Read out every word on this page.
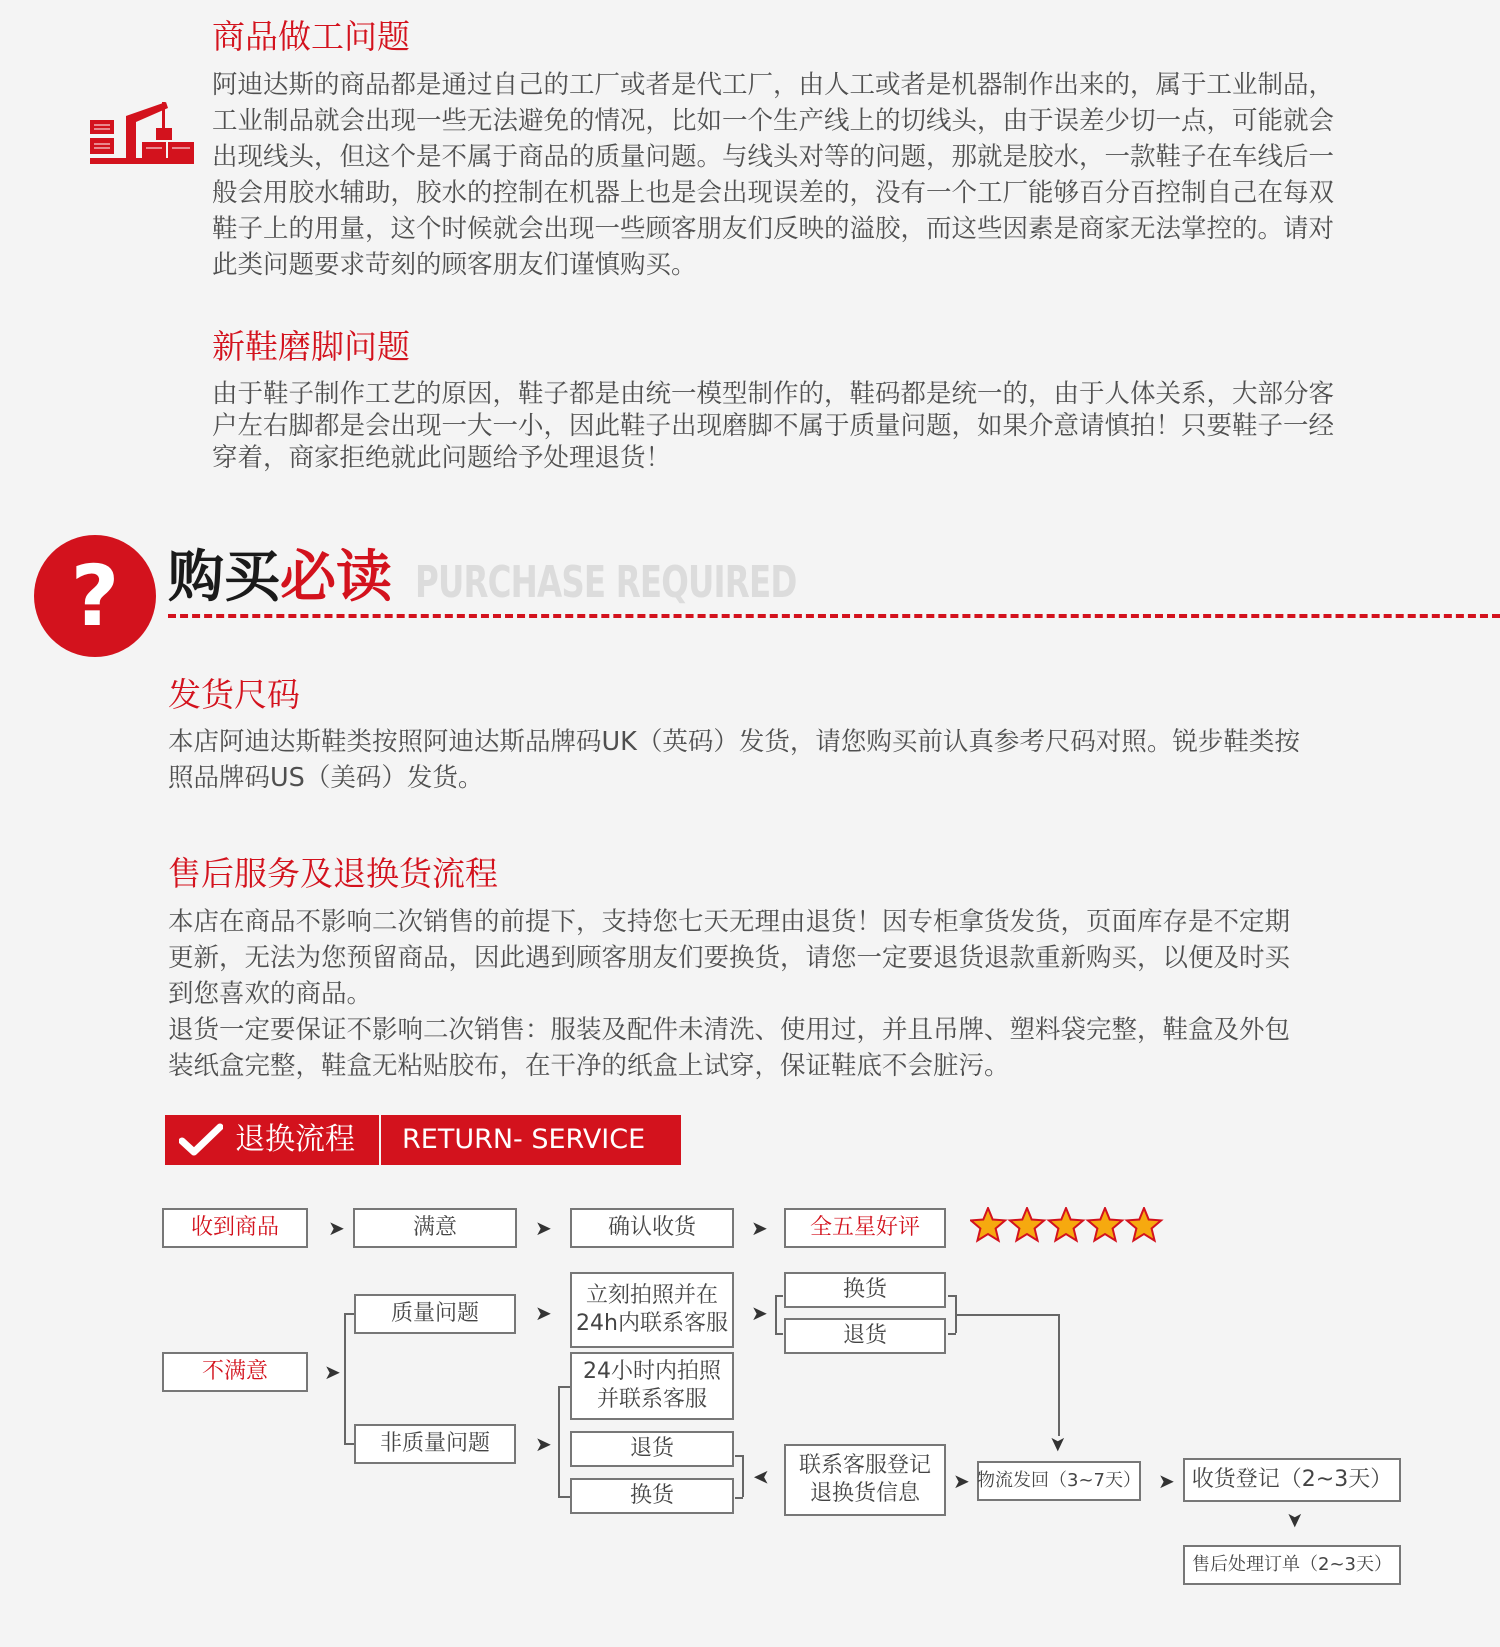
商品做工问题

阿迪达斯的商品都是通过自己的工厂或者是代工厂，由人工或者是机器制作出来的，属于工业制品，

工业制品就会出现一些无法避免的情况，比如一个生产线上的切线头，由于误差少切一点，可能就会

出现线头，但这个是不属于商品的质量问题。与线头对等的问题，那就是胶水，一款鞋子在车线后一

般会用胶水辅助，胶水的控制在机器上也是会出现误差的，没有一个工厂能够百分百控制自己在每双

鞋子上的用量，这个时候就会出现一些顾客朋友们反映的溢胶，而这些因素是商家无法掌控的。请对

此类问题要求苛刻的顾客朋友们谨慎购买。

新鞋磨脚问题

由于鞋子制作工艺的原因，鞋子都是由统一模型制作的，鞋码都是统一的，由于人体关系，大部分客

户左右脚都是会出现一大一小，因此鞋子出现磨脚不属于质量问题，如果介意请慎拍！只要鞋子一经

穿着，商家拒绝就此问题给予处理退货！

? 购买必读 PURCHASE REQUIRED
发货尺码

本店阿迪达斯鞋类按照阿迪达斯品牌码UK（英码）发货，请您购买前认真参考尺码对照。锐步鞋类按

照品牌码US（美码）发货。

售后服务及退换货流程

本店在商品不影响二次销售的前提下，支持您七天无理由退货！因专柜拿货发货，页面库存是不定期

更新，无法为您预留商品，因此遇到顾客朋友们要换货，请您一定要退货退款重新购买，以便及时买

到您喜欢的商品。

退货一定要保证不影响二次销售：服装及配件未清洗、使用过，并且吊牌、塑料袋完整，鞋盒及外包

装纸盒完整，鞋盒无粘贴胶布，在干净的纸盒上试穿，保证鞋底不会脏污。

退换流程 RETURN- SERVICE
收到商品	➤	满意	➤	确认收货	➤	全五星好评
不满意	➤
质量问题	➤
立刻拍照并在
24h内联系客服 ➤
换货
退货
➤
非质量问题	➤
24小时内拍照
并联系客服
退货
换货
➤ 联系客服登记
退换货信息	➤ 物流发回（3~7天） ➤ 收货登记（2~3天）
➤
售后处理订单（2~3天）
